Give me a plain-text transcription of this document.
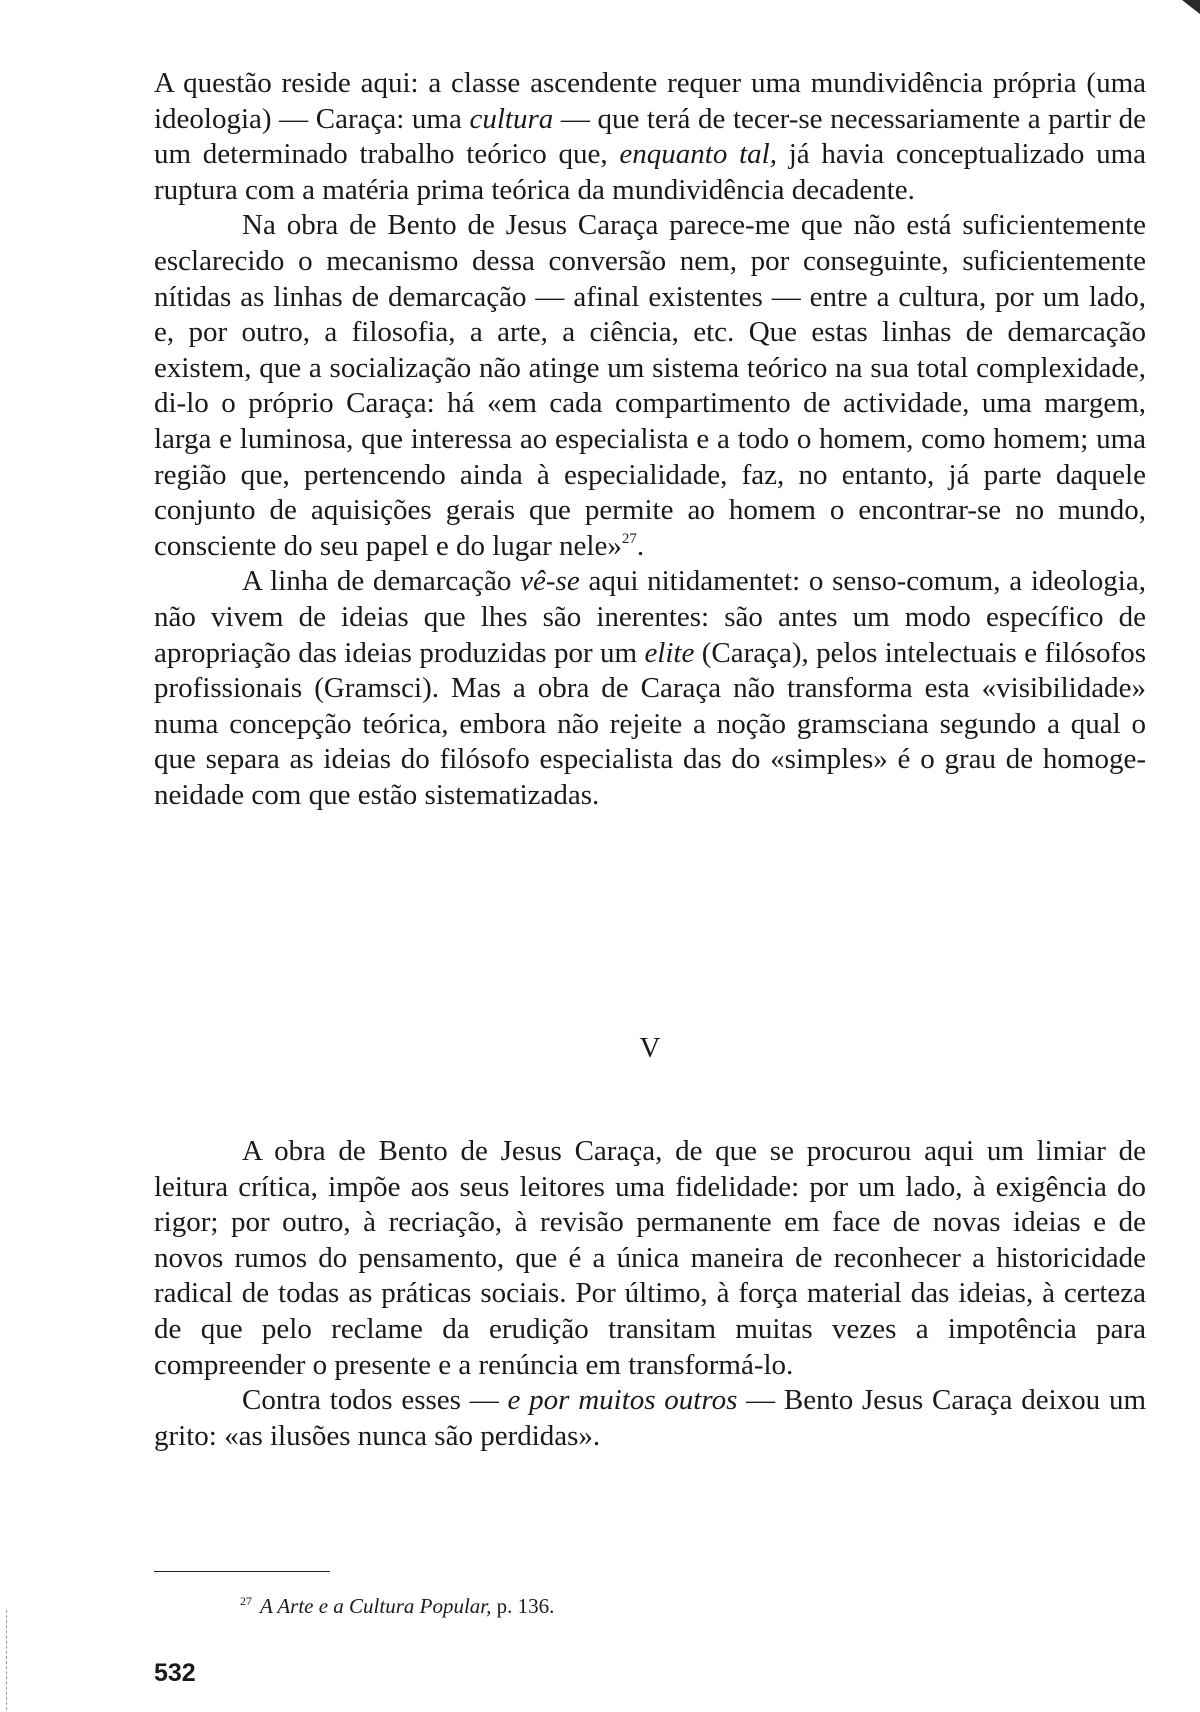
A questão reside aqui: a classe ascendente requer uma mundividência própria (uma ideologia) — Caraça: uma cultura — que terá de tecer-se necessariamente a partir de um determinado trabalho teórico que, enquanto tal, já havia conceptualizado uma ruptura com a matéria prima teórica da mundividência decadente.

Na obra de Bento de Jesus Caraça parece-me que não está suficientemente esclarecido o mecanismo dessa conversão nem, por conseguinte, suficientemente nítidas as linhas de demarcação — afinal existentes — entre a cultura, por um lado, e, por outro, a filosofia, a arte, a ciência, etc. Que estas linhas de demarcação existem, que a socialização não atinge um sistema teórico na sua total complexidade, di-lo o próprio Caraça: há «em cada compartimento de actividade, uma margem, larga e luminosa, que interessa ao especialista e a todo o homem, como homem; uma região que, pertencendo ainda à especialidade, faz, no entanto, já parte daquele conjunto de aquisições gerais que permite ao homem o encontrar-se no mundo, consciente do seu papel e do lugar nele»$^{27}$.

A linha de demarcação vê-se aqui nitidamentet: o senso-comum, a ideologia, não vivem de ideias que lhes são inerentes: são antes um modo específico de apropriação das ideias produzidas por um elite (Caraça), pelos intelectuais e filósofos profissionais (Gramsci). Mas a obra de Caraça não transforma esta «visibilidade» numa concepção teórica, embora não rejeite a noção gramsciana segundo a qual o que separa as ideias do filósofo especialista das do «simples» é o grau de homogeneidade com que estão sistematizadas.

V

A obra de Bento de Jesus Caraça, de que se procurou aqui um limiar de leitura crítica, impõe aos seus leitores uma fidelidade: por um lado, à exigência do rigor; por outro, à recriação, à revisão permanente em face de novas ideias e de novos rumos do pensamento, que é a única maneira de reconhecer a historicidade radical de todas as práticas sociais. Por último, à força material das ideias, à certeza de que pelo reclame da erudição transitam muitas vezes a impotência para compreender o presente e a renúncia em transformá-lo.

Contra todos esses — e por muitos outros — Bento Jesus Caraça deixou um grito: «as ilusões nunca são perdidas».

$^{27}$ A Arte e a Cultura Popular, p. 136.

532
